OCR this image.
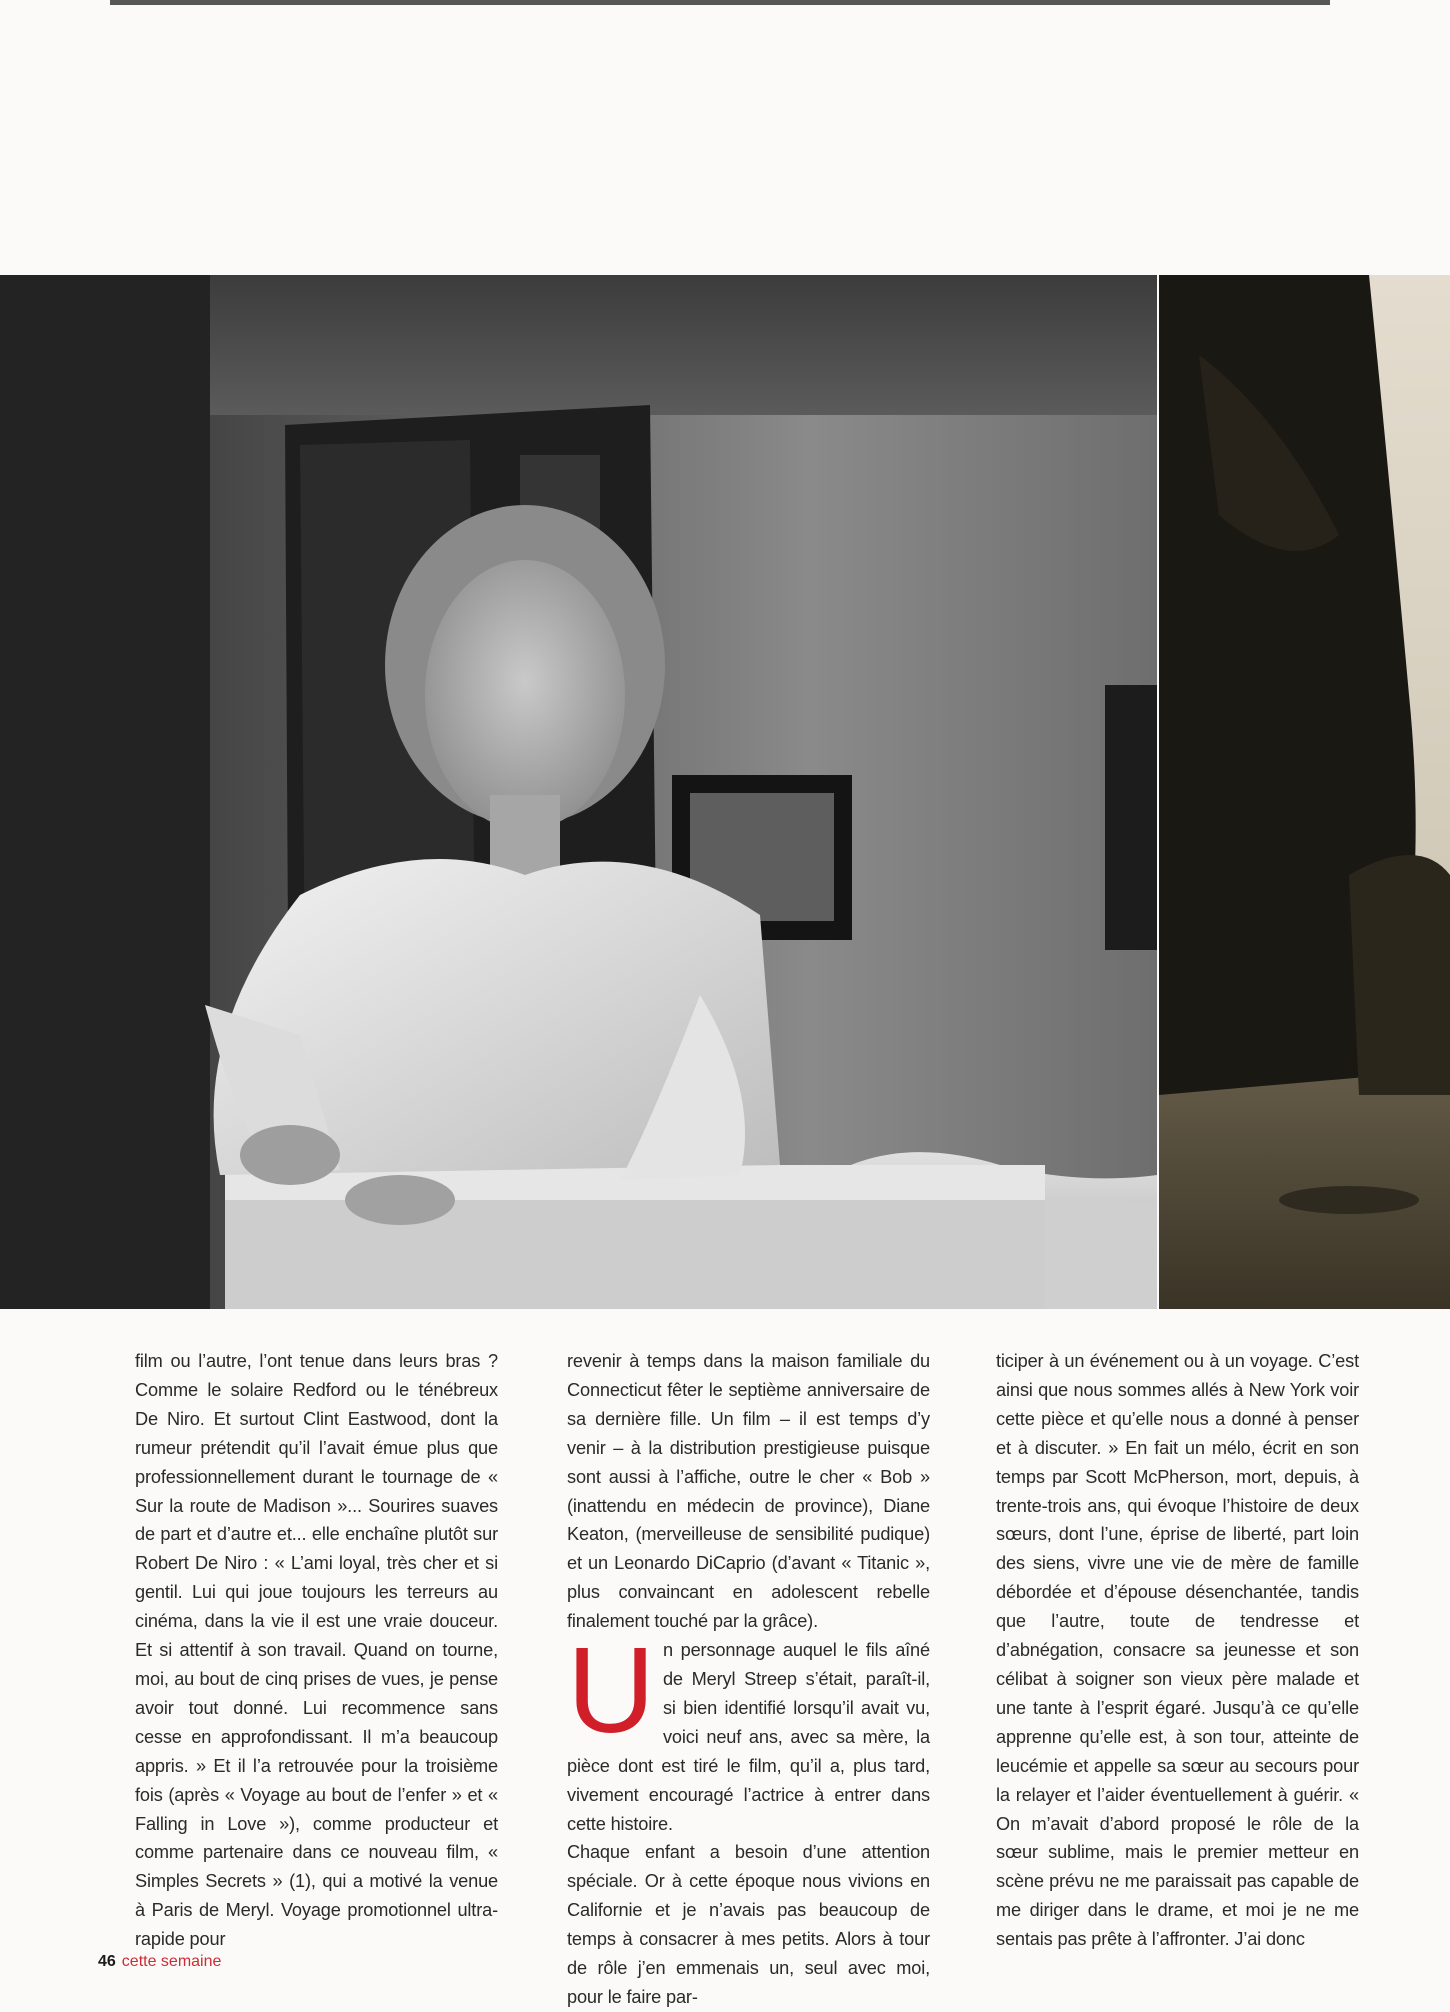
film ou l’autre, l’ont tenue dans leurs bras ? Comme le solaire Redford ou le ténébreux De Niro. Et surtout Clint Eastwood, dont la rumeur prétendit qu’il l’avait émue plus que professionnellement durant le tournage de « Sur la route de Madison »... Sourires suaves de part et d’autre et... elle enchaîne plutôt sur Robert De Niro : « L’ami loyal, très cher et si gentil. Lui qui joue toujours les terreurs au cinéma, dans la vie il est une vraie douceur. Et si attentif à son travail. Quand on tourne, moi, au bout de cinq prises de vues, je pense avoir tout donné. Lui recommence sans cesse en approfondissant. Il m’a beaucoup appris. » Et il l’a retrouvée pour la troisième fois (après « Voyage au bout de l’enfer » et « Falling in Love »), comme producteur et comme partenaire dans ce nouveau film, « Simples Secrets » (1), qui a motivé la venue à Paris de Meryl. Voyage promotionnel ultra-rapide pour

revenir à temps dans la maison familiale du Connecticut fêter le septième anniversaire de sa dernière fille. Un film – il est temps d’y venir – à la distribution prestigieuse puisque sont aussi à l’affiche, outre le cher « Bob » (inattendu en médecin de province), Diane Keaton, (merveilleuse de sensibilité pudique) et un Leonardo DiCaprio (d’avant « Titanic », plus convaincant en adolescent rebelle finalement touché par la grâce).

Un personnage auquel le fils aîné de Meryl Streep s’était, paraît-il, si bien identifié lorsqu’il avait vu, voici neuf ans, avec sa mère, la pièce dont est tiré le film, qu’il a, plus tard, vivement encouragé l’actrice à entrer dans cette histoire.

Chaque enfant a besoin d’une attention spéciale. Or à cette époque nous vivions en Californie et je n’avais pas beaucoup de temps à consacrer à mes petits. Alors à tour de rôle j’en emmenais un, seul avec moi, pour le faire par-

ticiper à un événement ou à un voyage. C’est ainsi que nous sommes allés à New York voir cette pièce et qu’elle nous a donné à penser et à discuter. » En fait un mélo, écrit en son temps par Scott McPherson, mort, depuis, à trente-trois ans, qui évoque l’histoire de deux sœurs, dont l’une, éprise de liberté, part loin des siens, vivre une vie de mère de famille débordée et d’épouse désenchantée, tandis que l’autre, toute de tendresse et d’abnégation, consacre sa jeunesse et son célibat à soigner son vieux père malade et une tante à l’esprit égaré. Jusqu’à ce qu’elle apprenne qu’elle est, à son tour, atteinte de leucémie et appelle sa sœur au secours pour la relayer et l’aider éventuellement à guérir. « On m’avait d’abord proposé le rôle de la sœur sublime, mais le premier metteur en scène prévu ne me paraissait pas capable de me diriger dans le drame, et moi je ne me sentais pas prête à l’affronter. J’ai donc

46 cette semaine
